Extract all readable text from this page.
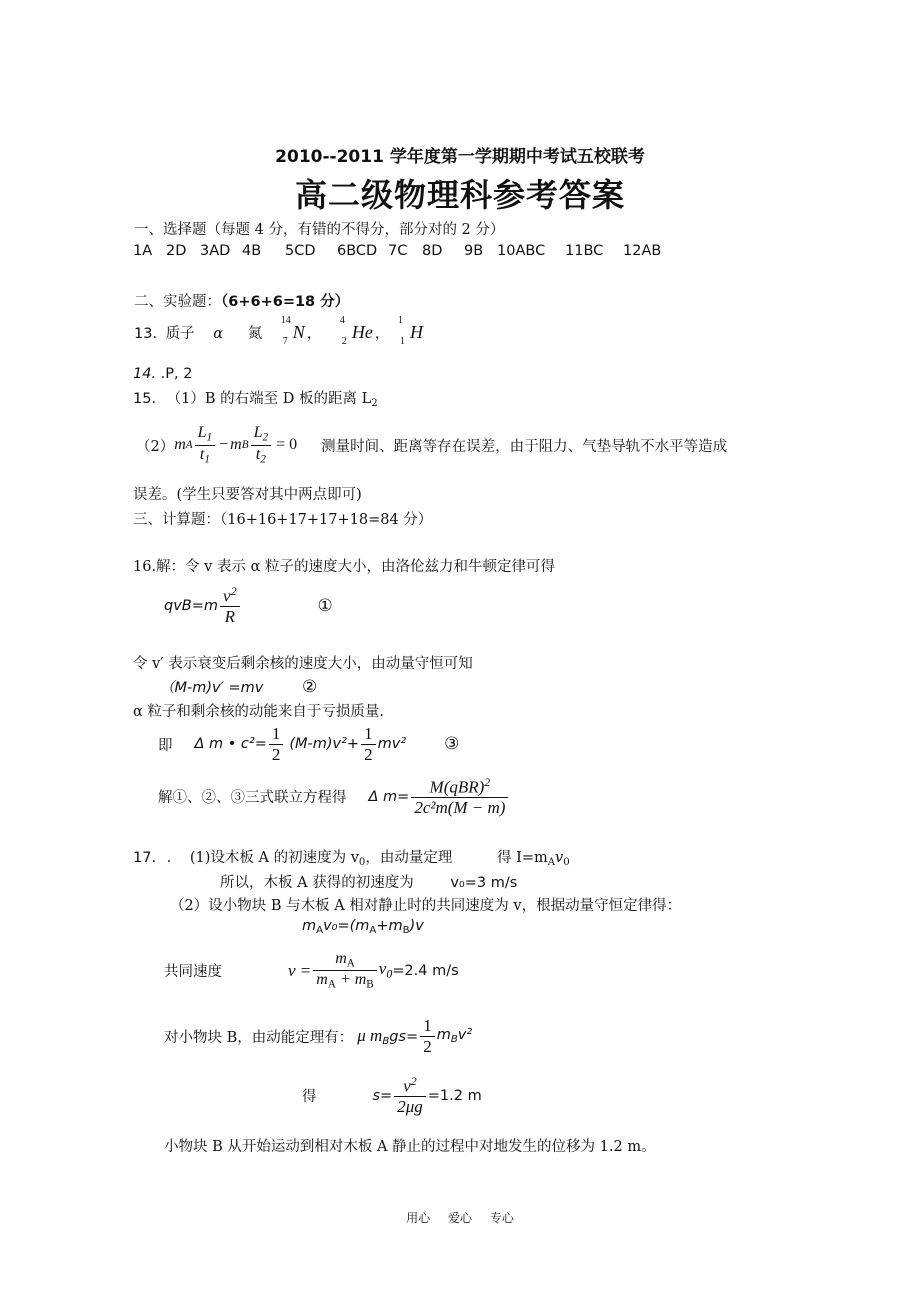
2010--2011 学年度第一学期期中考试五校联考
高二级物理科参考答案
一、选择题（每题 4 分，有错的不得分，部分对的 2 分）
1A 2D 3AD 4B 5CD 6BCD 7C 8D 9B 10ABC 11BC 12AB
二、实验题：（6+6+6=18 分）
13. 质子 α 氮
14
7 N ，
4
2 He ，
1
1 H
14. .P, 2
15. （1）B 的右端至 D 板的距离 $L_2$
（2） m A $\frac{L_1}{t_1} - m$ B $\frac{L_2}{t_2} = 0$ 测量时间、距离等存在误差，由于阻力、气垫导轨不水平等造成
误差。(学生只要答对其中两点即可)
三、计算题：（16+16+17+17+18=84 分）
16.解：令 v 表示 α 粒子的速度大小，由洛伦兹力和牛顿定律可得
$qvB=m \frac{v^2}{R}$	①
令 v′ 表示衰变后剩余核的速度大小，由动量守恒可知
（M-m)v′ =mv ②
α 粒子和剩余核的动能来自于亏损质量.
即 Δ m • $c^2= \frac{1}{2} (M-m)v^2+ \frac{1}{2} mv^2$ ③
解①、②、③三式联立方程得 Δ $m= \frac{M(qBR)^2}{\text{2c²m(M − m)}}$
17. . (1)设木板 A 的初速度为 $v_0$，由动量定理	得 $I=m_Av_0$
所以，木板 A 获得的初速度为	v₀=3 m/s
（2）设小物块 B 与木板 A 相对静止时的共同速度为 v，根据动量守恒定律得：
$m_Av_0=(m_A+m_B)v$
共同速度	$v = \frac{m_A}{m_A + m_B} v_0 =2.4$ m/s
对小物块 B，由动能定理有： μ $m_Bgs= \frac{1}{2} m_Bv^2$
得	$s= \frac{v^2}{2\mu g} =1.2$ m
小物块 B 从开始运动到相对木板 A 静止的过程中对地发生的位移为 1.2 m。
用心 爱心 专心
